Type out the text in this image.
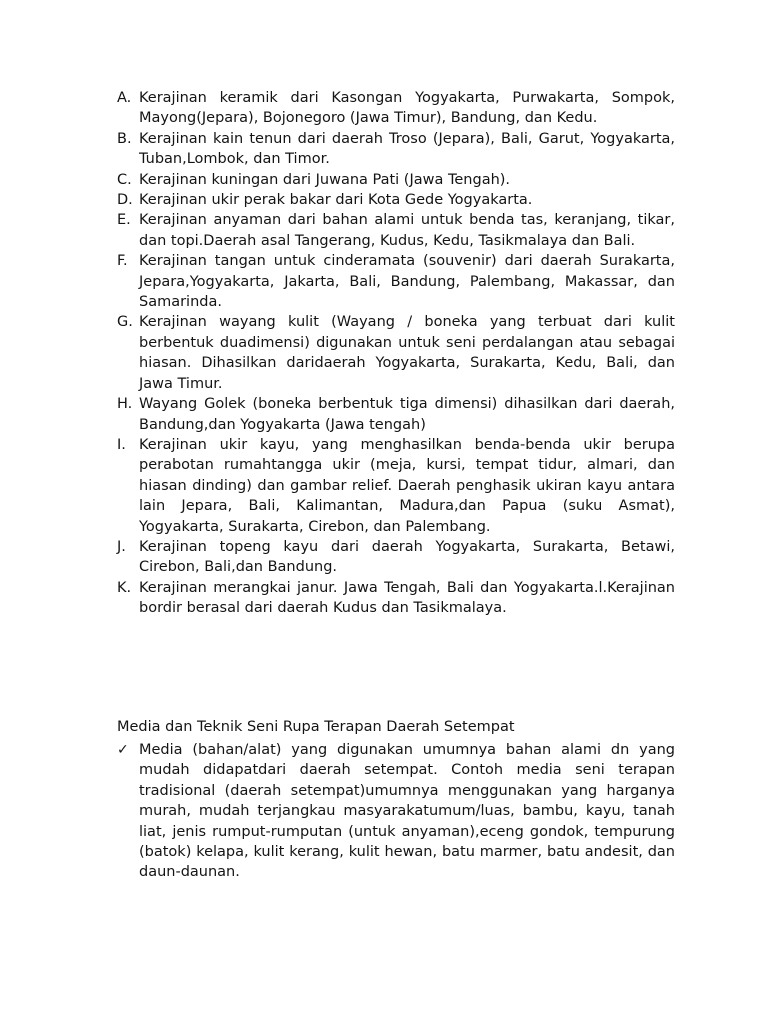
A. Kerajinan keramik dari Kasongan Yogyakarta, Purwakarta, Sompok, Mayong(Jepara), Bojonegoro (Jawa Timur), Bandung, dan Kedu.

B. Kerajinan kain tenun dari daerah Troso (Jepara), Bali, Garut, Yogyakarta, Tuban,Lombok, dan Timor.

C. Kerajinan kuningan dari Juwana Pati (Jawa Tengah).

D. Kerajinan ukir perak bakar dari Kota Gede Yogyakarta.

E. Kerajinan anyaman dari bahan alami untuk benda tas, keranjang, tikar, dan topi.Daerah asal Tangerang, Kudus, Kedu, Tasikmalaya dan Bali.

F. Kerajinan tangan untuk cinderamata (souvenir) dari daerah Surakarta, Jepara,Yogyakarta, Jakarta, Bali, Bandung, Palembang, Makassar, dan Samarinda.

G. Kerajinan wayang kulit (Wayang / boneka yang terbuat dari kulit berbentuk duadimensi) digunakan untuk seni perdalangan atau sebagai hiasan. Dihasilkan daridaerah Yogyakarta, Surakarta, Kedu, Bali, dan Jawa Timur.

H. Wayang Golek (boneka berbentuk tiga dimensi) dihasilkan dari daerah, Bandung,dan Yogyakarta (Jawa tengah)

I. Kerajinan ukir kayu, yang menghasilkan benda-benda ukir berupa perabotan rumahtangga ukir (meja, kursi, tempat tidur, almari, dan hiasan dinding) dan gambar relief. Daerah penghasik ukiran kayu antara lain Jepara, Bali, Kalimantan, Madura,dan Papua (suku Asmat), Yogyakarta, Surakarta, Cirebon, dan Palembang.

J. Kerajinan topeng kayu dari daerah Yogyakarta, Surakarta, Betawi, Cirebon, Bali,dan Bandung.

K. Kerajinan merangkai janur. Jawa Tengah, Bali dan Yogyakarta.l.Kerajinan bordir berasal dari daerah Kudus dan Tasikmalaya.

Media dan Teknik Seni Rupa Terapan Daerah Setempat

✓ Media (bahan/alat) yang digunakan umumnya bahan alami dn yang mudah didapatdari daerah setempat. Contoh media seni terapan tradisional (daerah setempat)umumnya menggunakan yang harganya murah, mudah terjangkau masyarakatumum/luas, bambu, kayu, tanah liat, jenis rumput-rumputan (untuk anyaman),eceng gondok, tempurung (batok) kelapa, kulit kerang, kulit hewan, batu marmer, batu andesit, dan daun-daunan.
